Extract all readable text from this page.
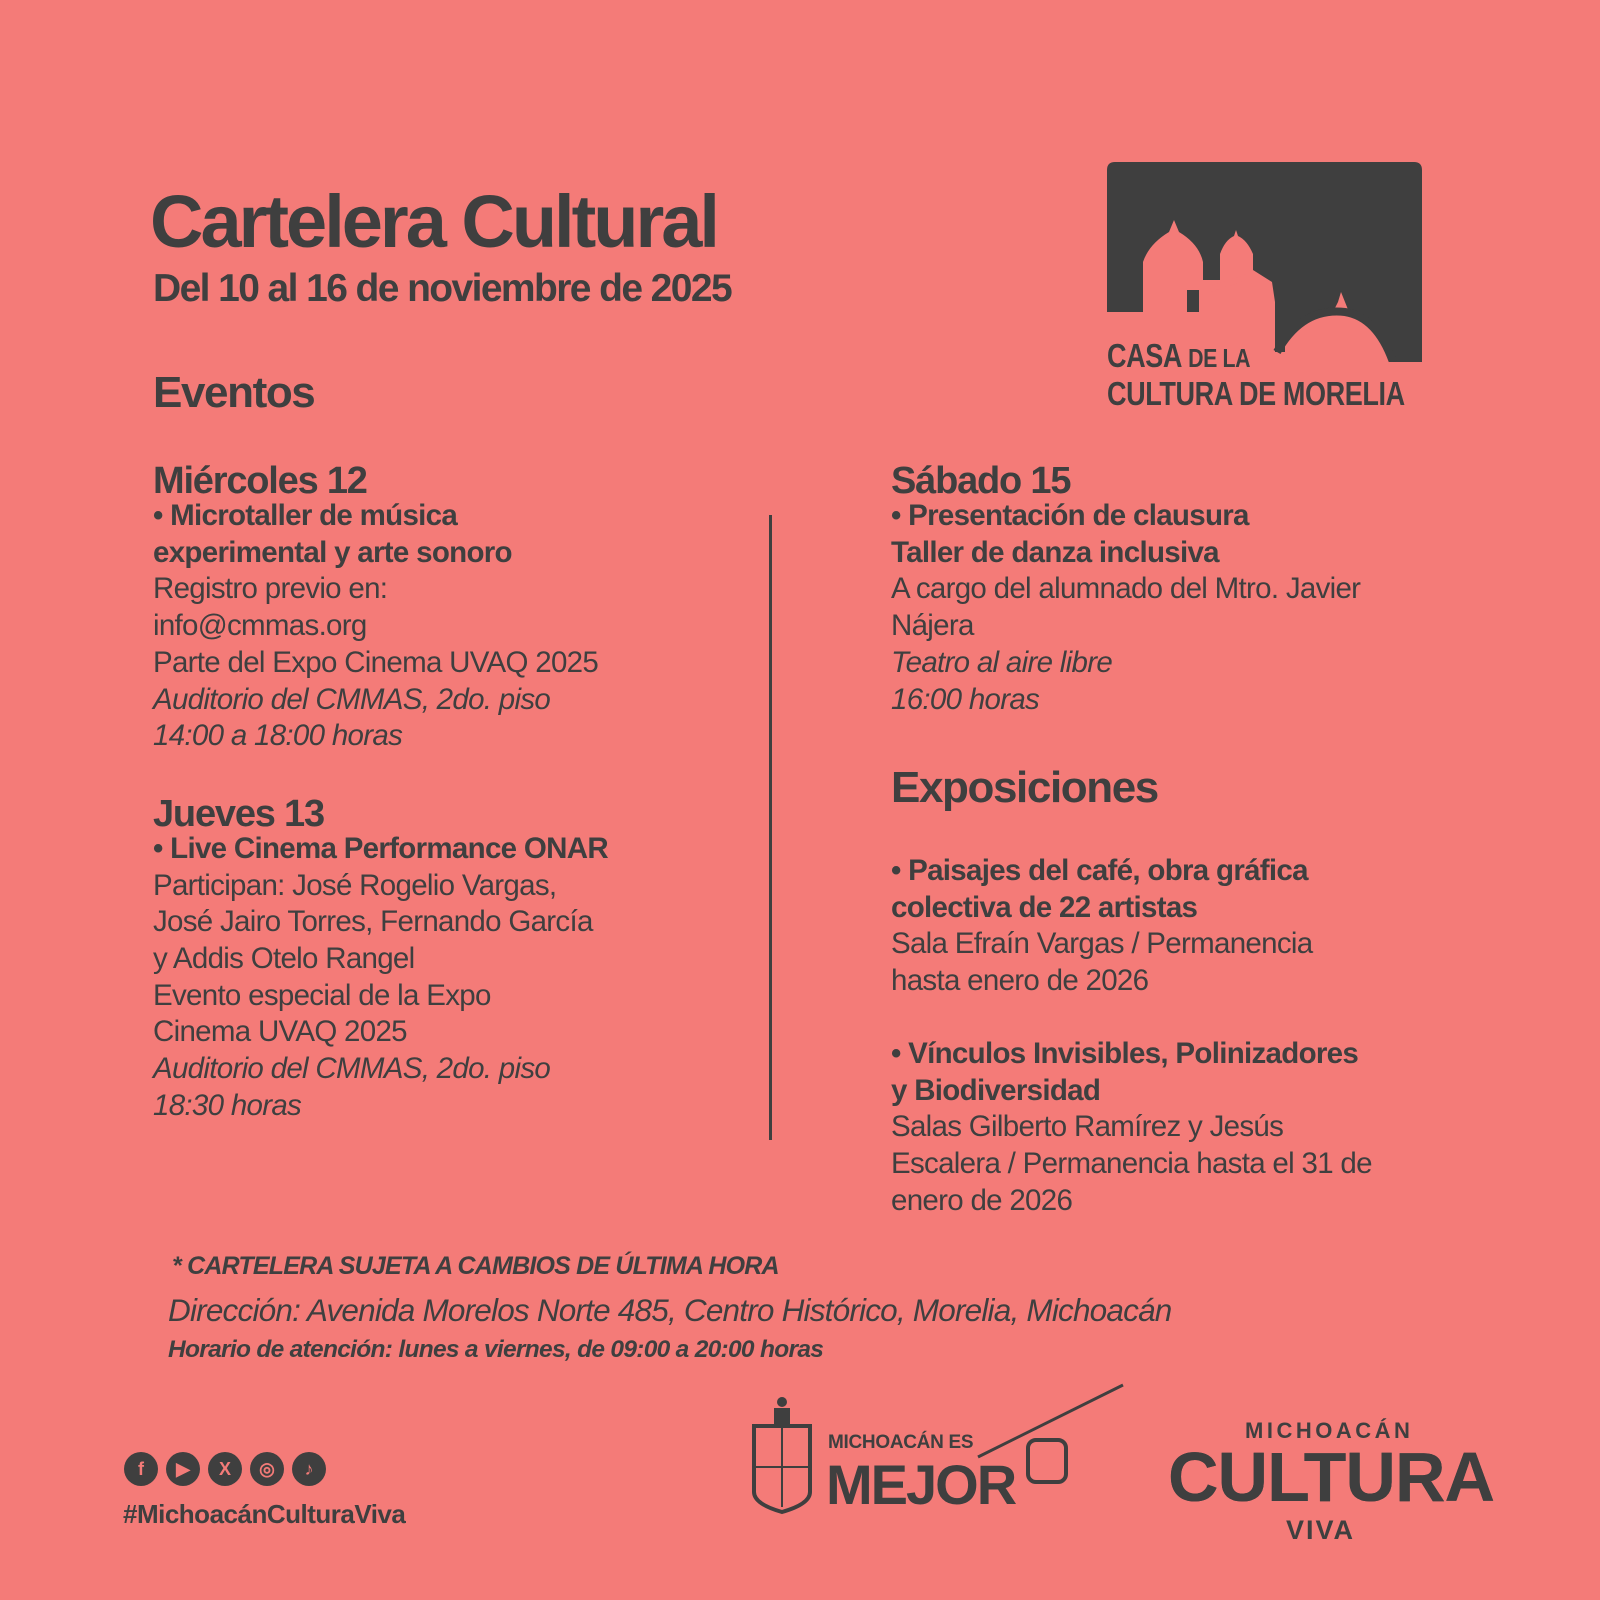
Cartelera Cultural
Del 10 al 16 de noviembre de 2025
CASA DE LA
CULTURA DE MORELIA
Eventos
Miércoles 12
• Microtaller de música
experimental y arte sonoro
Registro previo en:
info@cmmas.org
Parte del Expo Cinema UVAQ 2025
Auditorio del CMMAS, 2do. piso
14:00 a 18:00 horas
Jueves 13
• Live Cinema Performance ONAR
Participan: José Rogelio Vargas,
José Jairo Torres, Fernando García
y Addis Otelo Rangel
Evento especial de la Expo
Cinema UVAQ 2025
Auditorio del CMMAS, 2do. piso
18:30 horas
Sábado 15
• Presentación de clausura
Taller de danza inclusiva
A cargo del alumnado del Mtro. Javier
Nájera
Teatro al aire libre
16:00 horas
Exposiciones
• Paisajes del café, obra gráfica
colectiva de 22 artistas
Sala Efraín Vargas / Permanencia
hasta enero de 2026
• Vínculos Invisibles, Polinizadores
y Biodiversidad
Salas Gilberto Ramírez y Jesús
Escalera / Permanencia hasta el 31 de
enero de 2026
* CARTELERA SUJETA A CAMBIOS DE ÚLTIMA HORA
Dirección: Avenida Morelos Norte 485, Centro Histórico, Morelia, Michoacán
Horario de atención: lunes a viernes, de 09:00 a 20:00 horas
f	▶	X	◎	♪
#MichoacánCulturaViva
MICHOACÁN ES
MEJOR
MICHOACÁN
CULTURA
VIVA
